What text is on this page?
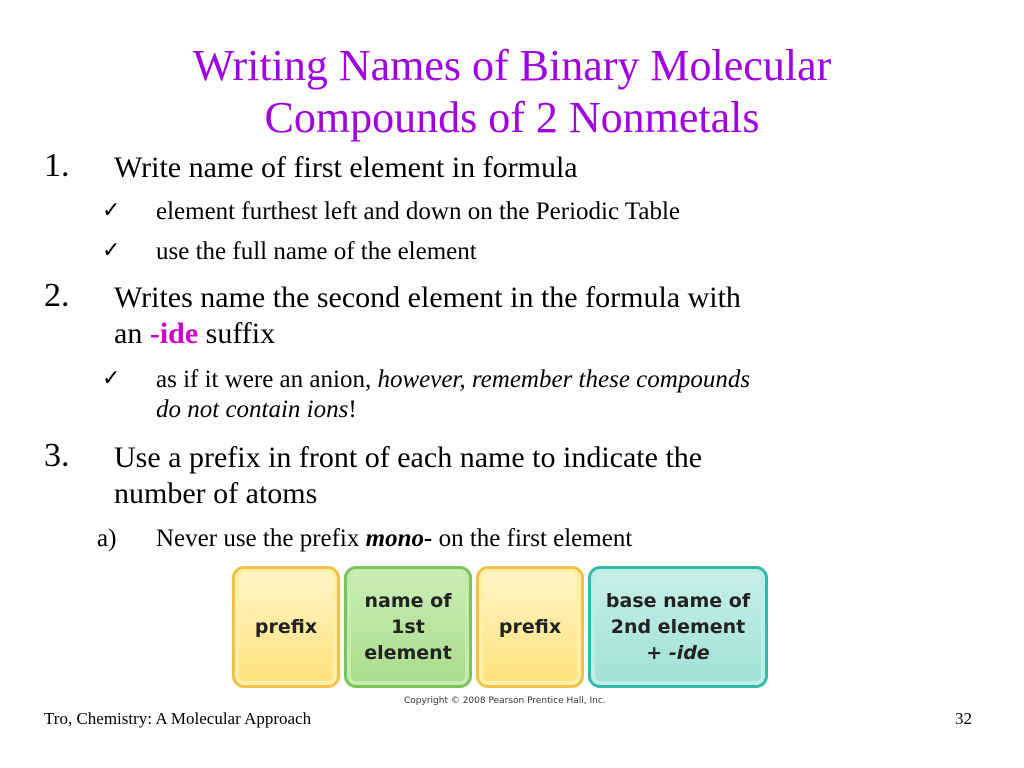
Writing Names of Binary Molecular
Compounds of 2 Nonmetals
1. Write name of first element in formula
✓ element furthest left and down on the Periodic Table
✓ use the full name of the element
2. Writes name the second element in the formula with
an -ide suffix
✓ as if it were an anion, however, remember these compounds
do not contain ions!
3. Use a prefix in front of each name to indicate the
number of atoms
a) Never use the prefix mono- on the first element
prefix
name of
1st
element
prefix
base name of
2nd element
+ -ide
Copyright © 2008 Pearson Prentice Hall, Inc.
Tro, Chemistry: A Molecular Approach	32
